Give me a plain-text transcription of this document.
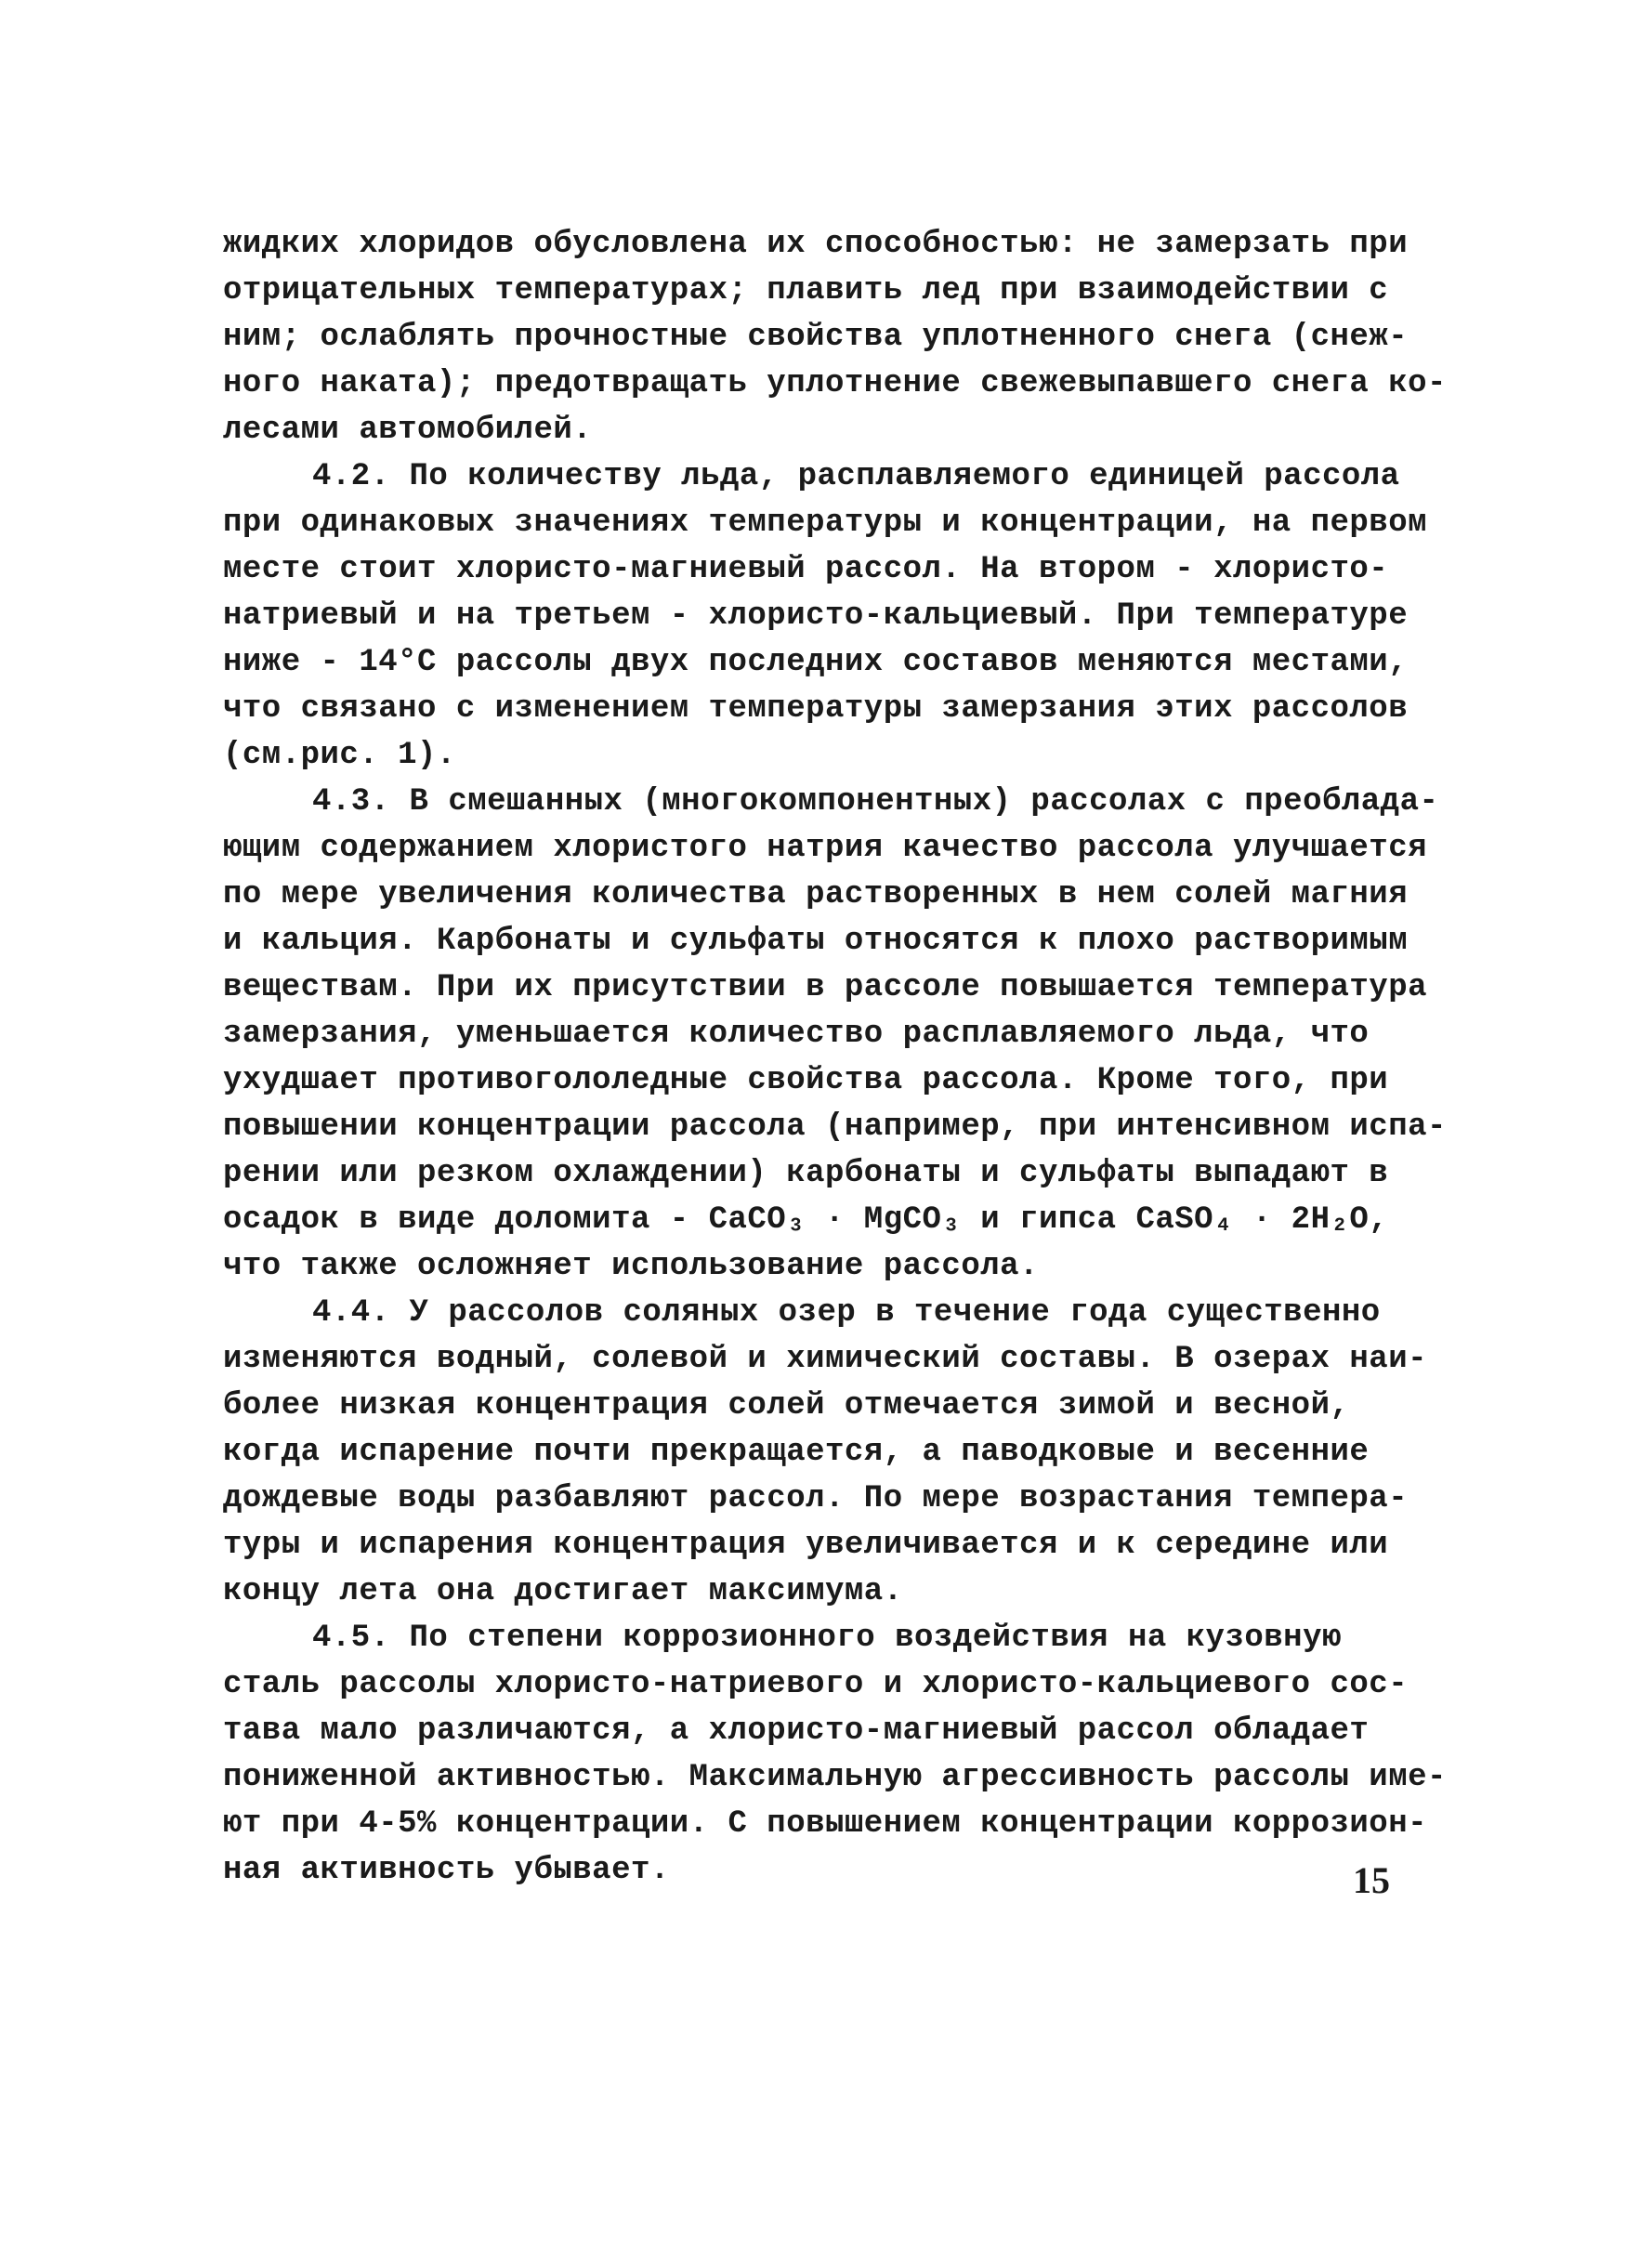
жидких хлоридов обусловлена их способностью: не замерзать при
отрицательных температурах; плавить лед при взаимодействии с
ним; ослаблять прочностные свойства уплотненного снега (снеж-
ного наката); предотвращать уплотнение свежевыпавшего снега ко-
лесами автомобилей.
4.2. По количеству льда, расплавляемого единицей рассола
при одинаковых значениях температуры и концентрации, на первом
месте стоит хлористо-магниевый рассол. На втором - хлористо-
натриевый и на третьем - хлористо-кальциевый. При температуре
ниже - 14°С рассолы двух последних составов меняются местами,
что связано с изменением температуры замерзания этих рассолов
(см.рис. 1).
4.3. В смешанных (многокомпонентных) рассолах с преоблада-
ющим содержанием хлористого натрия качество рассола улучшается
по мере увеличения количества растворенных в нем солей магния
и кальция. Карбонаты и сульфаты относятся к плохо растворимым
веществам. При их присутствии в рассоле повышается температура
замерзания, уменьшается количество расплавляемого льда, что
ухудшает противогололедные свойства рассола. Кроме того, при
повышении концентрации рассола (например, при интенсивном испа-
рении или резком охлаждении) карбонаты и сульфаты выпадают в
осадок в виде доломита - CaCO₃ · MgCO₃ и гипса CaSO₄ · 2H₂O,
что также осложняет использование рассола.
4.4. У рассолов соляных озер в течение года существенно
изменяются водный, солевой и химический составы. В озерах наи-
более низкая концентрация солей отмечается зимой и весной,
когда испарение почти прекращается, а паводковые и весенние
дождевые воды разбавляют рассол. По мере возрастания темпера-
туры и испарения концентрация увеличивается и к середине или
концу лета она достигает максимума.
4.5. По степени коррозионного воздействия на кузовную
сталь рассолы хлористо-натриевого и хлористо-кальциевого сос-
тава мало различаются, а хлористо-магниевый рассол обладает
пониженной активностью. Максимальную агрессивность рассолы име-
ют при 4-5% концентрации. С повышением концентрации коррозион-
ная активность убывает.	15
